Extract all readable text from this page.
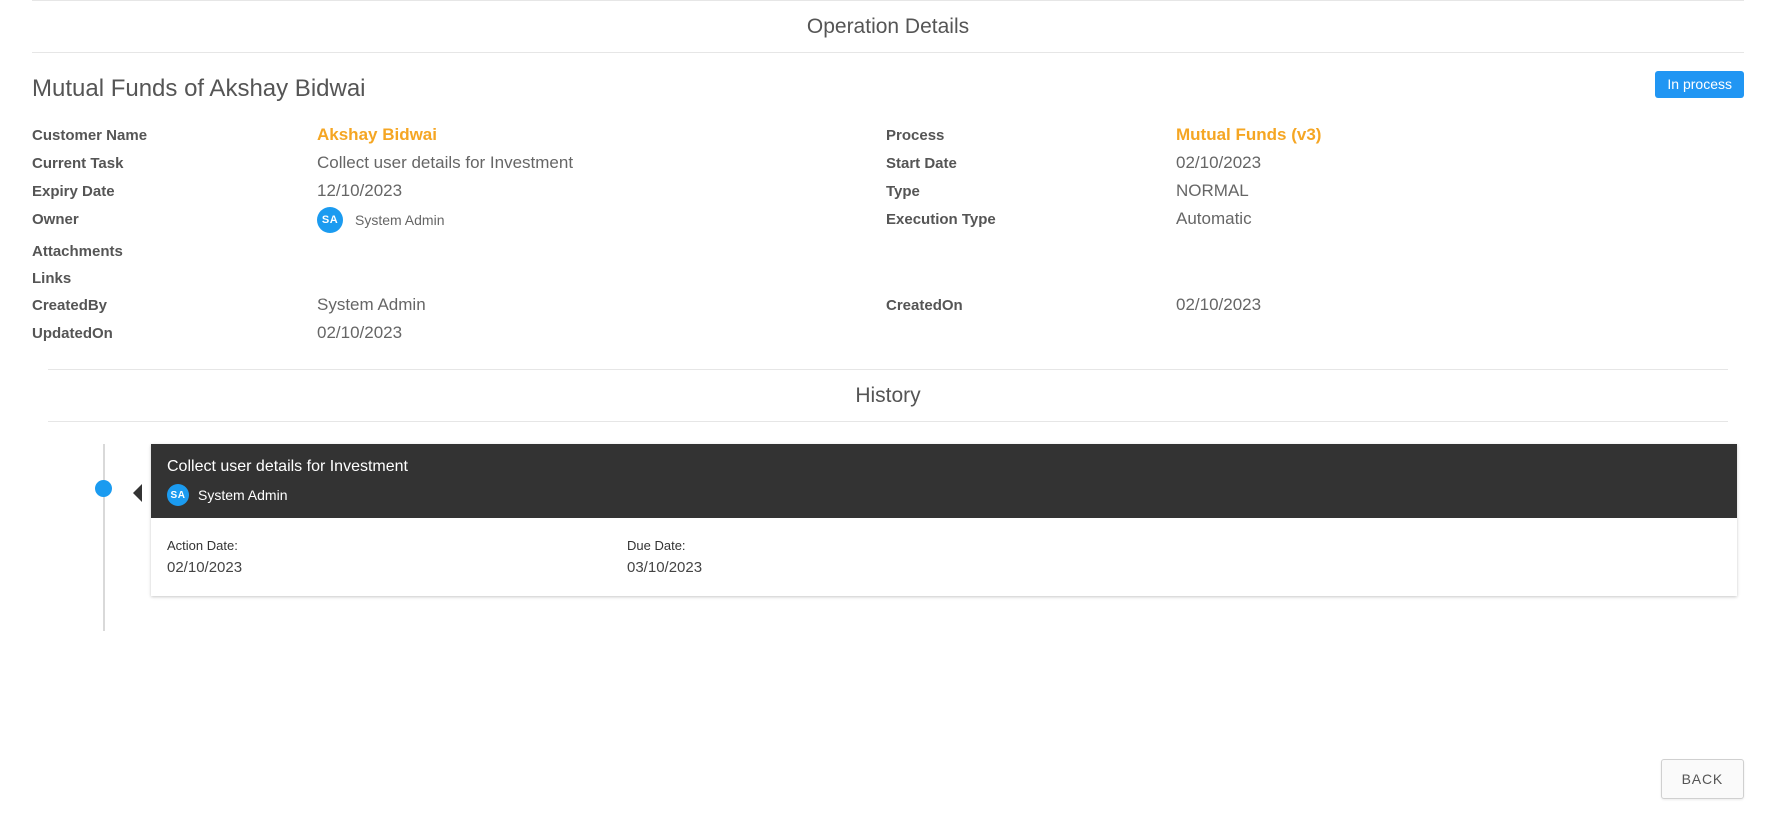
Operation Details
Mutual Funds of Akshay Bidwai	In process
Customer Name	Akshay Bidwai	Process	Mutual Funds (v3)
Current Task	Collect user details for Investment	Start Date	02/10/2023
Expiry Date	12/10/2023	Type	NORMAL
Owner	SA	System Admin	Execution Type	Automatic
Attachments
Links
CreatedBy	System Admin	CreatedOn	02/10/2023
UpdatedOn	02/10/2023
History
Collect user details for Investment
SA System Admin
Action Date:
02/10/2023
Due Date:
03/10/2023
BACK
